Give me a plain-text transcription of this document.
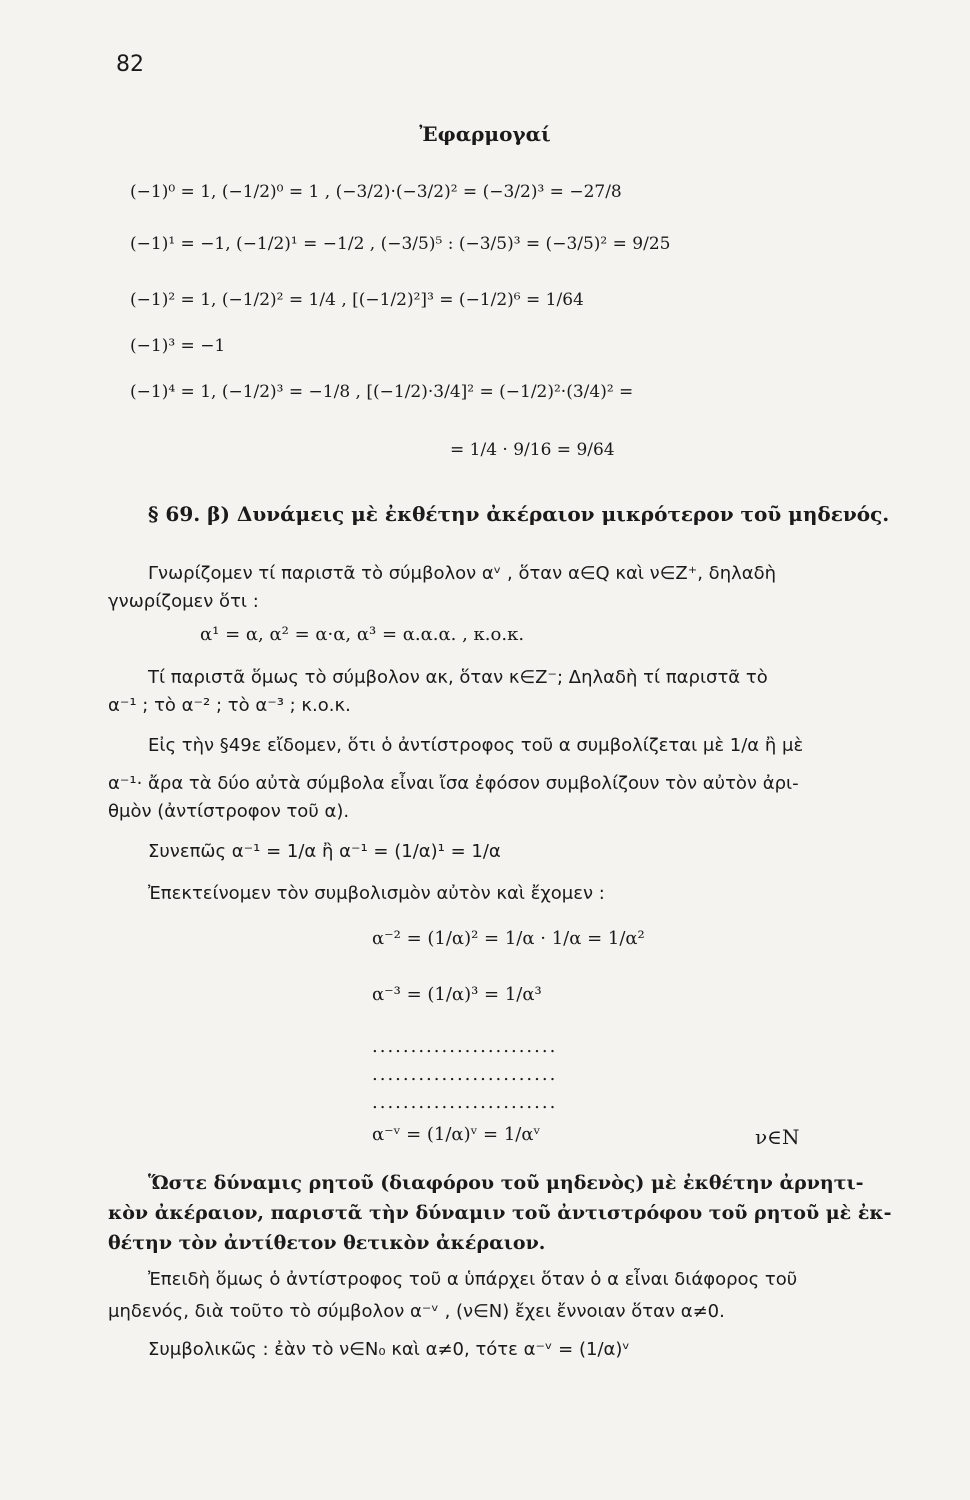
82
Ἐφαρμογαί
(−1)⁰ = 1, (−1/2)⁰ = 1 , (−3/2)·(−3/2)² = (−3/2)³ = −27/8
(−1)¹ = −1, (−1/2)¹ = −1/2 , (−3/5)⁵ : (−3/5)³ = (−3/5)² = 9/25
(−1)² = 1, (−1/2)² = 1/4 , [(−1/2)²]³ = (−1/2)⁶ = 1/64
(−1)³ = −1
(−1)⁴ = 1, (−1/2)³ = −1/8 , [(−1/2)·3/4]² = (−1/2)²·(3/4)² =
= 1/4 · 9/16 = 9/64
§ 69. β) Δυνάμεις μὲ ἐκθέτην ἀκέραιον μικρότερον τοῦ μηδενός.
Γνωρίζομεν τί παριστᾶ τὸ σύμβολον αᵛ , ὅταν α∈Q καὶ ν∈Z⁺, δηλαδὴ
γνωρίζομεν ὅτι :
α¹ = α, α² = α·α, α³ = α.α.α. , κ.ο.κ.
Τί παριστᾶ ὅμως τὸ σύμβολον ακ, ὅταν κ∈Z⁻; Δηλαδὴ τί παριστᾶ τὸ
α⁻¹ ; τὸ α⁻² ; τὸ α⁻³ ; κ.ο.κ.
Εἰς τὴν §49ε εἴδομεν, ὅτι ὁ ἀντίστροφος τοῦ α συμβολίζεται μὲ 1/α ἢ μὲ
α⁻¹· ἄρα τὰ δύο αὐτὰ σύμβολα εἶναι ἴσα ἐφόσον συμβολίζουν τὸν αὐτὸν ἀρι-
θμὸν (ἀντίστροφον τοῦ α).
Συνεπῶς α⁻¹ = 1/α ἢ α⁻¹ = (1/α)¹ = 1/α
Ἐπεκτείνομεν τὸν συμβολισμὸν αὐτὸν καὶ ἔχομεν :
α⁻² = (1/α)² = 1/α · 1/α = 1/α²
α⁻³ = (1/α)³ = 1/α³
........................
........................
........................
α⁻ᵛ = (1/α)ᵛ = 1/αᵛ	ν∈N
Ὥστε δύναμις ρητοῦ (διαφόρου τοῦ μηδενὸς) μὲ ἐκθέτην ἀρνητι-
κὸν ἀκέραιον, παριστᾶ τὴν δύναμιν τοῦ ἀντιστρόφου τοῦ ρητοῦ μὲ ἐκ-
θέτην τὸν ἀντίθετον θετικὸν ἀκέραιον.
Ἐπειδὴ ὅμως ὁ ἀντίστροφος τοῦ α ὑπάρχει ὅταν ὁ α εἶναι διάφορος τοῦ
μηδενός, διὰ τοῦτο τὸ σύμβολον α⁻ᵛ , (ν∈N) ἔχει ἔννοιαν ὅταν α≠0.
Συμβολικῶς : ἐὰν τὸ ν∈N₀ καὶ α≠0, τότε α⁻ᵛ = (1/α)ᵛ
